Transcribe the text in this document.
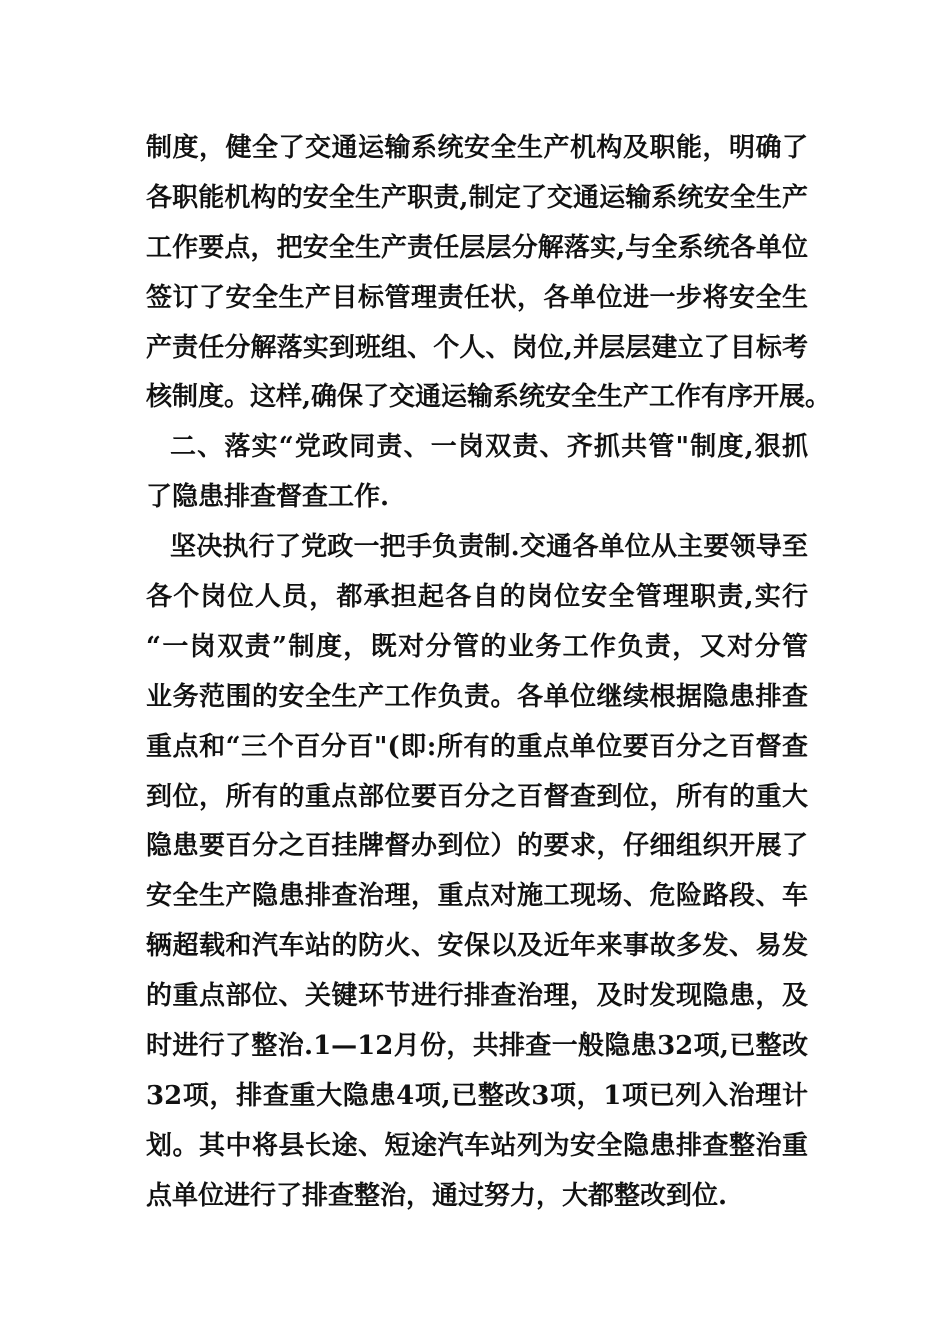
制度，健全了交通运输系统安全生产机构及职能，明确了
各职能机构的安全生产职责,制定了交通运输系统安全生产
工作要点，把安全生产责任层层分解落实,与全系统各单位
签订了安全生产目标管理责任状，各单位进一步将安全生
产责任分解落实到班组、个人、岗位,并层层建立了目标考
核制度。这样,确保了交通运输系统安全生产工作有序开展。
二、落实“党政同责、一岗双责、齐抓共管"制度,狠抓
了隐患排查督查工作.
坚决执行了党政一把手负责制.交通各单位从主要领导至
各个岗位人员，都承担起各自的岗位安全管理职责,实行
“一岗双责”制度，既对分管的业务工作负责，又对分管
业务范围的安全生产工作负责。各单位继续根据隐患排查
重点和“三个百分百"(即:所有的重点单位要百分之百督查
到位，所有的重点部位要百分之百督查到位，所有的重大
隐患要百分之百挂牌督办到位）的要求，仔细组织开展了
安全生产隐患排查治理，重点对施工现场、危险路段、车
辆超载和汽车站的防火、安保以及近年来事故多发、易发
的重点部位、关键环节进行排查治理，及时发现隐患，及
时进行了整治.1—12月份，共排查一般隐患32项,已整改
32项，排查重大隐患4项,已整改3项，1项已列入治理计
划。其中将县长途、短途汽车站列为安全隐患排查整治重
点单位进行了排查整治，通过努力，大都整改到位.
